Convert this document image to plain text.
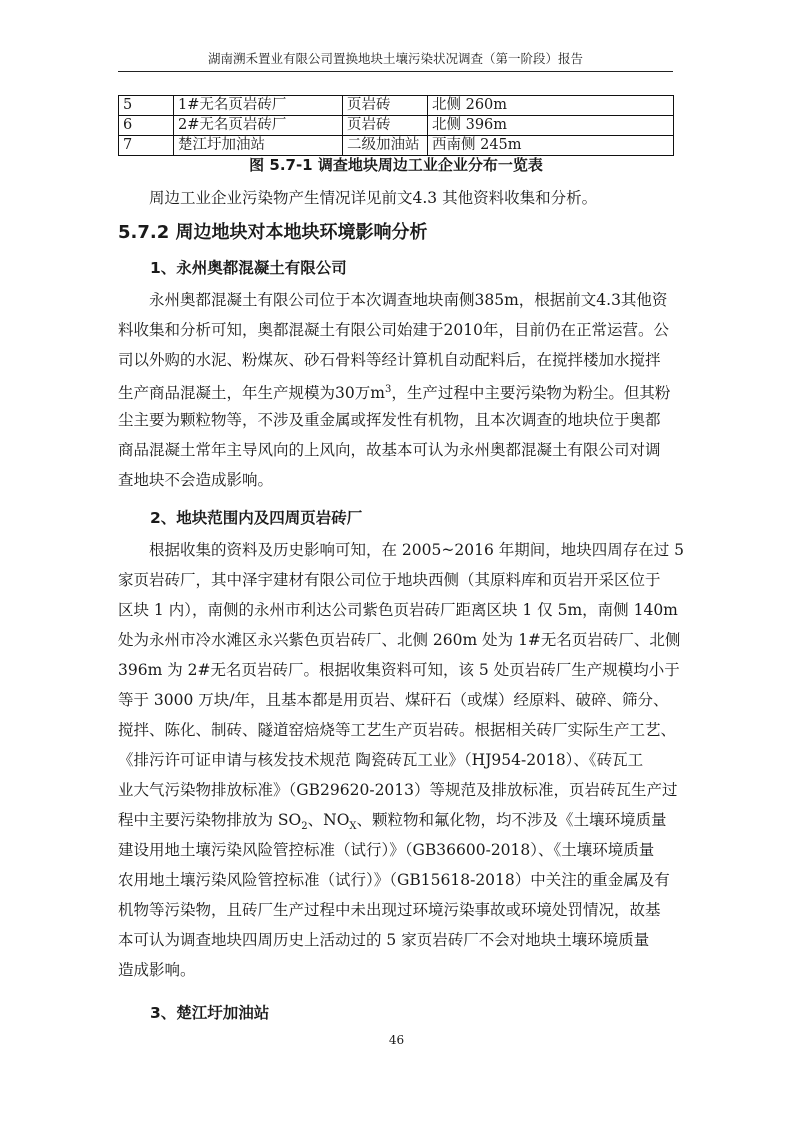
湖南溯禾置业有限公司置换地块土壤污染状况调查（第一阶段）报告
5	1#无名页岩砖厂	页岩砖	北侧 260m
6	2#无名页岩砖厂	页岩砖	北侧 396m
7	楚江圩加油站	二级加油站	西南侧 245m
图 5.7-1 调查地块周边工业企业分布一览表
周边工业企业污染物产生情况详见前文4.3 其他资料收集和分析。
5.7.2 周边地块对本地块环境影响分析
1、永州奥都混凝土有限公司
永州奥都混凝土有限公司位于本次调查地块南侧385m，根据前文4.3其他资
料收集和分析可知，奥都混凝土有限公司始建于2010年，目前仍在正常运营。公
司以外购的水泥、粉煤灰、砂石骨料等经计算机自动配料后，在搅拌楼加水搅拌
生产商品混凝土，年生产规模为30万$m^3$，生产过程中主要污染物为粉尘。但其粉
尘主要为颗粒物等，不涉及重金属或挥发性有机物，且本次调查的地块位于奥都
商品混凝土常年主导风向的上风向，故基本可认为永州奥都混凝土有限公司对调
查地块不会造成影响。
2、地块范围内及四周页岩砖厂
根据收集的资料及历史影响可知，在 2005~2016 年期间，地块四周存在过 5
家页岩砖厂，其中泽宇建材有限公司位于地块西侧（其原料库和页岩开采区位于
区块 1 内），南侧的永州市利达公司紫色页岩砖厂距离区块 1 仅 5m，南侧 140m
处为永州市冷水滩区永兴紫色页岩砖厂、北侧 260m 处为 1#无名页岩砖厂、北侧
396m 为 2#无名页岩砖厂。根据收集资料可知，该 5 处页岩砖厂生产规模均小于
等于 3000 万块/年，且基本都是用页岩、煤矸石（或煤）经原料、破碎、筛分、
搅拌、陈化、制砖、隧道窑焙烧等工艺生产页岩砖。根据相关砖厂实际生产工艺、
《排污许可证申请与核发技术规范 陶瓷砖瓦工业》（HJ954-2018）、《砖瓦工
业大气污染物排放标准》（GB29620-2013）等规范及排放标准，页岩砖瓦生产过
程中主要污染物排放为 $SO_2$、$NO_X$、颗粒物和氟化物，均不涉及《土壤环境质量
建设用地土壤污染风险管控标准（试行）》（GB36600-2018）、《土壤环境质量
农用地土壤污染风险管控标准（试行）》（GB15618-2018）中关注的重金属及有
机物等污染物，且砖厂生产过程中未出现过环境污染事故或环境处罚情况，故基
本可认为调查地块四周历史上活动过的 5 家页岩砖厂不会对地块土壤环境质量
造成影响。
3、楚江圩加油站
46
